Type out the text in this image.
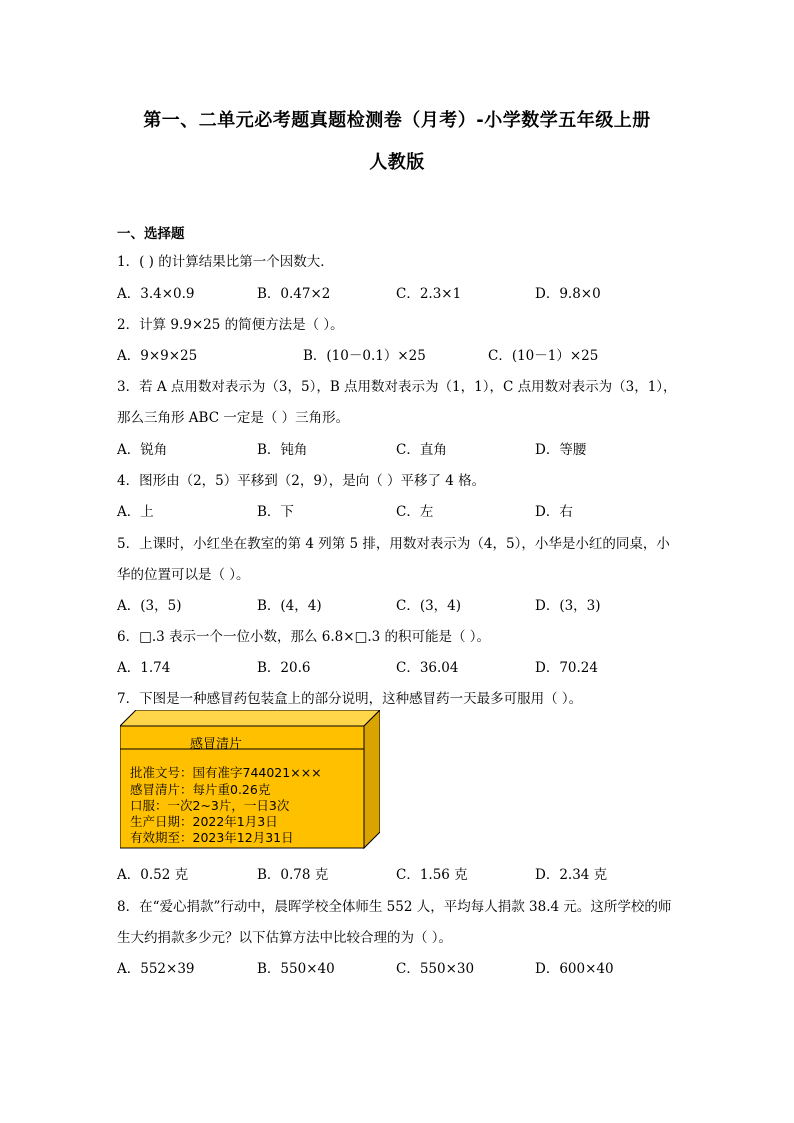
第一、二单元必考题真题检测卷（月考）-小学数学五年级上册
人教版
一、选择题
1．( ) 的计算结果比第一个因数大．
A．3.4×0.9	B．0.47×2	C．2.3×1	D．9.8×0
2．计算 9.9×25 的简便方法是（ ）。
A．9×9×25	B．(10－0.1）×25	C．(10－1）×25
3．若 A 点用数对表示为（3，5），B 点用数对表示为（1，1），C 点用数对表示为（3，1），
那么三角形 ABC 一定是（ ）三角形。
A．锐角	B．钝角	C．直角	D．等腰
4．图形由（2，5）平移到（2，9），是向（ ）平移了 4 格。
A．上	B．下	C．左	D．右
5．上课时，小红坐在教室的第 4 列第 5 排，用数对表示为（4，5），小华是小红的同桌，小
华的位置可以是（ ）。
A．(3，5)	B．(4，4)	C．(3，4)	D．(3，3)
6．□.3 表示一个一位小数，那么 6.8×□.3 的积可能是（ ）。
A．1.74	B．20.6	C．36.04	D．70.24
7．下图是一种感冒药包装盒上的部分说明，这种感冒药一天最多可服用（ ）。
感冒清片
批准文号：国有准字744021×××
感冒清片：每片重0.26克
口服：一次2~3片，一日3次
生产日期：2022年1月3日
有效期至：2023年12月31日
A．0.52 克	B．0.78 克	C．1.56 克	D．2.34 克
8．在“爱心捐款”行动中，晨晖学校全体师生 552 人，平均每人捐款 38.4 元。这所学校的师
生大约捐款多少元？以下估算方法中比较合理的为（ ）。
A．552×39	B．550×40	C．550×30	D．600×40
